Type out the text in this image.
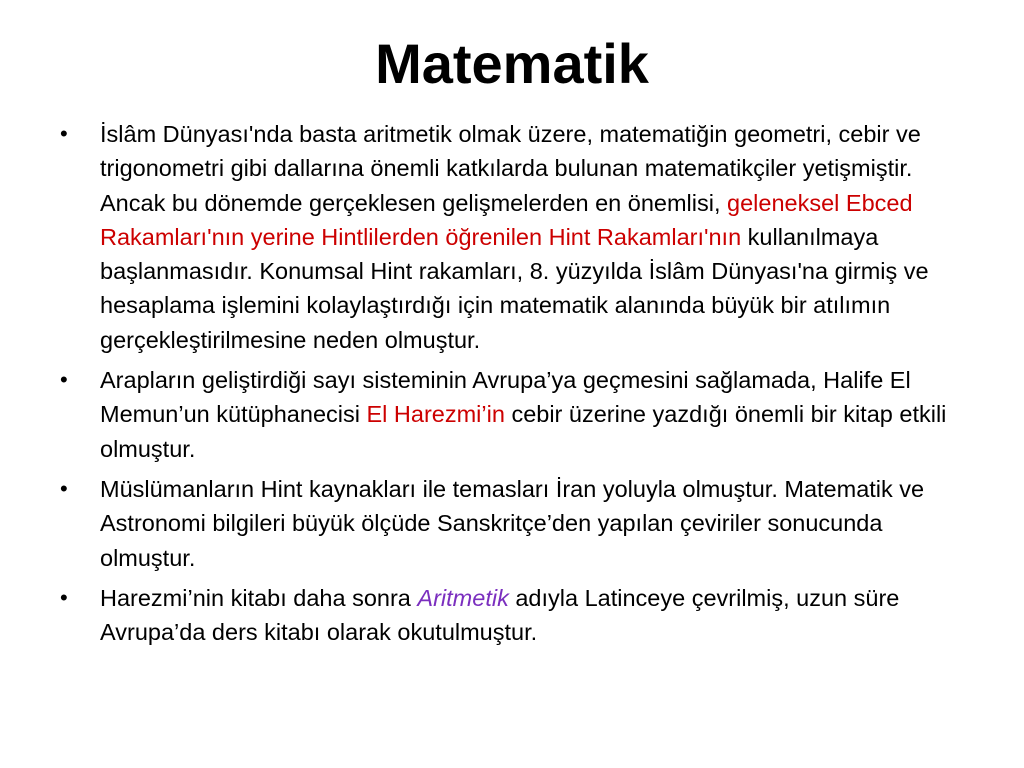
Matematik
• İslâm Dünyası'nda basta aritmetik olmak üzere, matematiğin geometri, cebir ve trigonometri gibi dallarına önemli katkılarda bulunan matematikçiler yetişmiştir. Ancak bu dönemde gerçeklesen gelişmelerden en önemlisi, geleneksel Ebced Rakamları'nın yerine Hintlilerden öğrenilen Hint Rakamları'nın kullanılmaya başlanmasıdır. Konumsal Hint rakamları, 8. yüzyılda İslâm Dünyası'na girmiş ve hesaplama işlemini kolaylaştırdığı için matematik alanında büyük bir atılımın gerçekleştirilmesine neden olmuştur.
• Arapların geliştirdiği sayı sisteminin Avrupa’ya geçmesini sağlamada, Halife El Memun’un kütüphanecisi El Harezmi’in cebir üzerine yazdığı önemli bir kitap etkili olmuştur.
• Müslümanların Hint kaynakları ile temasları İran yoluyla olmuştur. Matematik ve Astronomi bilgileri büyük ölçüde Sanskritçe’den yapılan çeviriler sonucunda olmuştur.
• Harezmi’nin kitabı daha sonra Aritmetik adıyla Latinceye çevrilmiş, uzun süre Avrupa’da ders kitabı olarak okutulmuştur.
